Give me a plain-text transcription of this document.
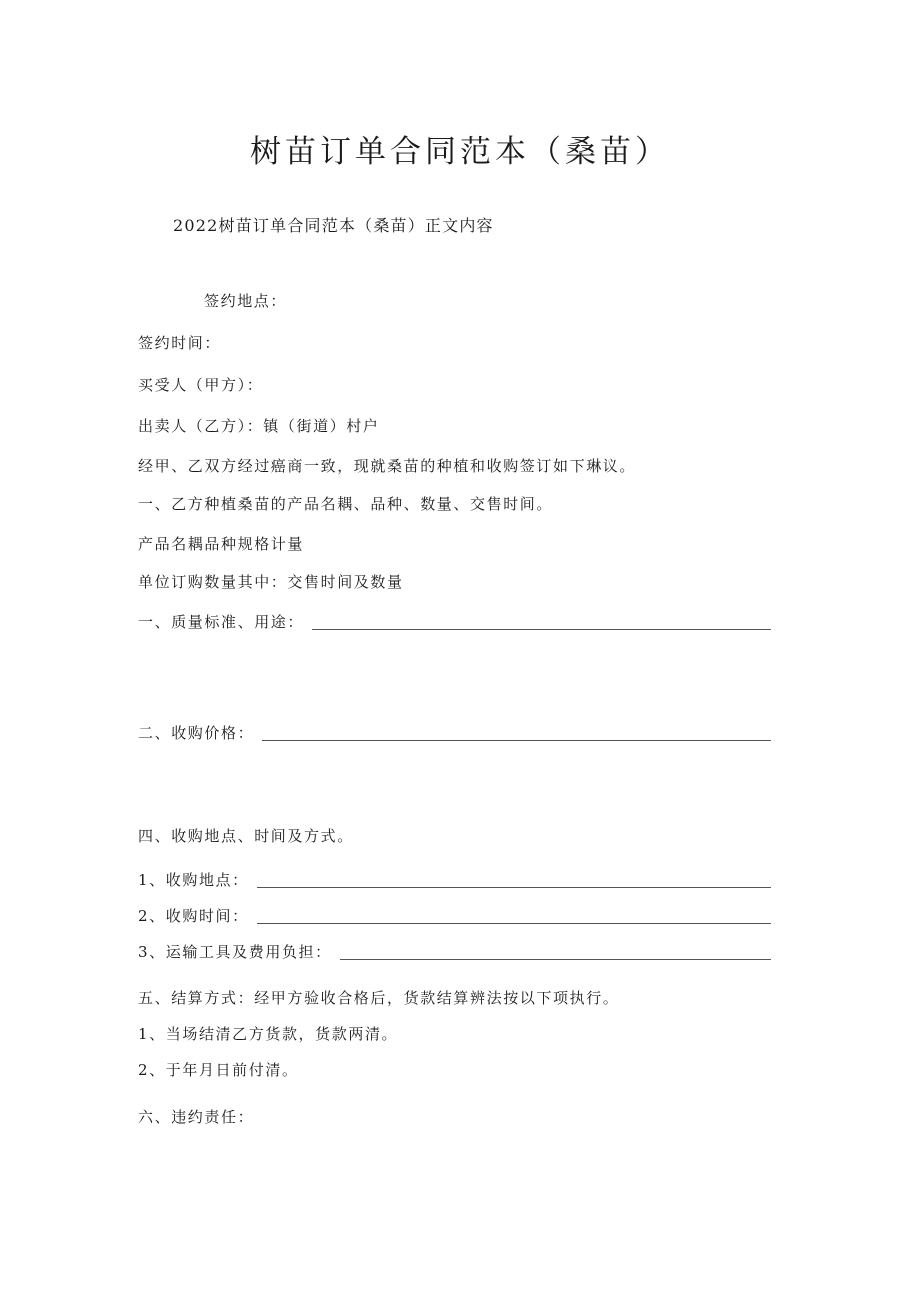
树苗订单合同范本（桑苗）
2022树苗订单合同范本（桑苗）正文内容
签约地点：
签约时间：
买受人（甲方）：
出卖人（乙方）：镇（街道）村户
经甲、乙双方经过癌商一致，现就桑苗的种植和收购签订如下琳议。
一、乙方种植桑苗的产品名耦、品种、数量、交售时间。
产品名耦品种规格计量
单位订购数量其中：交售时间及数量
一、质量标准、用途：
二、收购价格：
四、收购地点、时间及方式。
1、收购地点：
2、收购时间：
3、运输工具及费用负担：
五、结算方式：经甲方验收合格后，货款结算辨法按以下项执行。
1、当场结清乙方货款，货款两清。
2、于年月日前付清。
六、违约责任：
